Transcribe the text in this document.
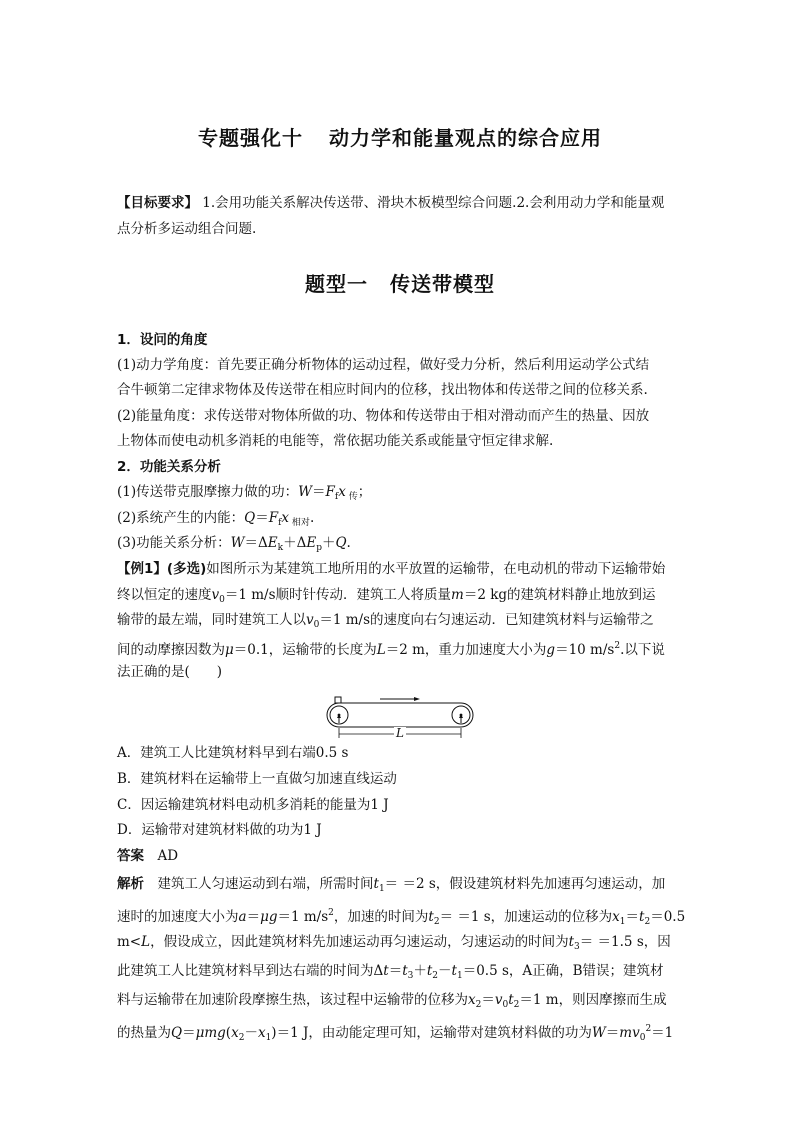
专题强化十 动力学和能量观点的综合应用
【目标要求】 1.会用功能关系解决传送带、滑块木板模型综合问题.2.会利用动力学和能量观
点分析多运动组合问题.
题型一 传送带模型
1．设问的角度
(1)动力学角度：首先要正确分析物体的运动过程，做好受力分析，然后利用运动学公式结
合牛顿第二定律求物体及传送带在相应时间内的位移，找出物体和传送带之间的位移关系.
(2)能量角度：求传送带对物体所做的功、物体和传送带由于相对滑动而产生的热量、因放
上物体而使电动机多消耗的电能等，常依据功能关系或能量守恒定律求解.
2．功能关系分析
(1)传送带克服摩擦力做的功：$W=F_fx$ $_传$；
(2)系统产生的内能：$Q=F_fx$ $_{相对}$.
(3)功能关系分析：$W=\Delta E_k+\Delta E_p+Q$.
【例1】(多选)如图所示为某建筑工地所用的水平放置的运输带，在电动机的带动下运输带始
终以恒定的速度$v_0=1$ m/s顺时针传动．建筑工人将质量m＝2 kg的建筑材料静止地放到运
输带的最左端，同时建筑工人以$v_0=1$ m/s的速度向右匀速运动．已知建筑材料与运输带之
间的动摩擦因数为μ＝0.1，运输带的长度为L＝2 m，重力加速度大小为g＝10 $m/s^2$.以下说
法正确的是(　　)
L
A．建筑工人比建筑材料早到右端0.5 s
B．建筑材料在运输带上一直做匀加速直线运动
C．因运输建筑材料电动机多消耗的能量为1 J
D．运输带对建筑材料做的功为1 J
答案　 AD
解析　 建筑工人匀速运动到右端，所需时间$t_1= =2$ s，假设建筑材料先加速再匀速运动，加
速时的加速度大小为a＝μg＝1 $m/s^2$，加速的时间为$t_2= =1$ s，加速运动的位移为$x_1=t_2=0.5$
m<L，假设成立，因此建筑材料先加速运动再匀速运动，匀速运动的时间为$t_3= =1.5$ s，因
此建筑工人比建筑材料早到达右端的时间为$\Delta t=t_3+t_2-t_1=0.5$ s，A正确，B错误；建筑材
料与运输带在加速阶段摩擦生热，该过程中运输带的位移为$x_2=v_0t_2=1$ m，则因摩擦而生成
的热量为$Q=\mu mg(x_2-x_1)=1$ J，由动能定理可知，运输带对建筑材料做的功为$W=mv_0^2=1$
